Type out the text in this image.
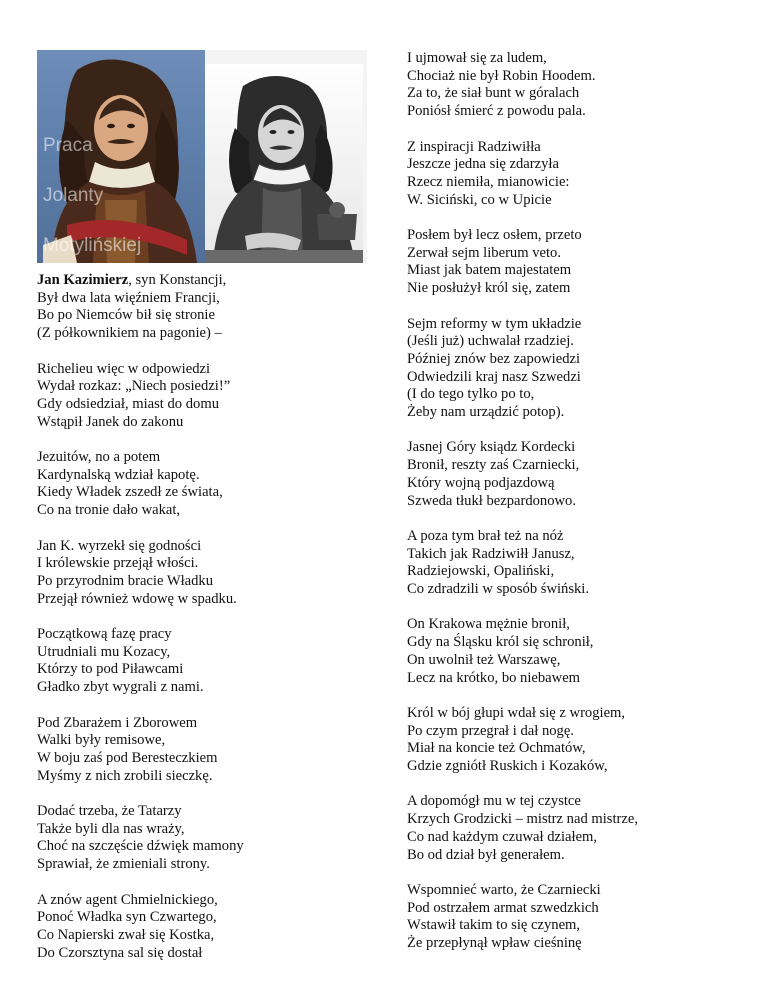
Praca

Jolanty

Motylińskiej

Jan Kazimierz, syn Konstancji,
Był dwa lata więźniem Francji,
Bo po Niemców bił się stronie
(Z półkownikiem na pagonie) –
Richelieu więc w odpowiedzi
Wydał rozkaz: „Niech posiedzi!”
Gdy odsiedział, miast do domu
Wstąpił Janek do zakonu
Jezuitów, no a potem
Kardynalską wdział kapotę.
Kiedy Władek zszedł ze świata,
Co na tronie dało wakat,
Jan K. wyrzekł się godności
I królewskie przejął włości.
Po przyrodnim bracie Władku
Przejął również wdowę w spadku.
Początkową fazę pracy
Utrudniali mu Kozacy,
Którzy to pod Piławcami
Gładko zbyt wygrali z nami.
Pod Zbarażem i Zborowem
Walki były remisowe,
W boju zaś pod Beresteczkiem
Myśmy z nich zrobili sieczkę.
Dodać trzeba, że Tatarzy
Także byli dla nas wraży,
Choć na szczęście dźwięk mamony
Sprawiał, że zmieniali strony.
A znów agent Chmielnickiego,
Ponoć Władka syn Czwartego,
Co Napierski zwał się Kostka,
Do Czorsztyna sal się dostał
I ujmował się za ludem,
Chociaż nie był Robin Hoodem.
Za to, że siał bunt w góralach
Poniósł śmierć z powodu pala.
Z inspiracji Radziwiłła
Jeszcze jedna się zdarzyła
Rzecz niemiła, mianowicie:
W. Siciński, co w Upicie
Posłem był lecz osłem, przeto
Zerwał sejm liberum veto.
Miast jak batem majestatem
Nie posłużył król się, zatem
Sejm reformy w tym układzie
(Jeśli już) uchwalał rzadziej.
Później znów bez zapowiedzi
Odwiedzili kraj nasz Szwedzi
(I do tego tylko po to,
Żeby nam urządzić potop).
Jasnej Góry ksiądz Kordecki
Bronił, reszty zaś Czarniecki,
Który wojną podjazdową
Szweda tłukł bezpardonowo.
A poza tym brał też na nóż
Takich jak Radziwiłł Janusz,
Radziejowski, Opaliński,
Co zdradzili w sposób świński.
On Krakowa mężnie bronił,
Gdy na Śląsku król się schronił,
On uwolnił też Warszawę,
Lecz na krótko, bo niebawem
Król w bój głupi wdał się z wrogiem,
Po czym przegrał i dał nogę.
Miał na koncie też Ochmatów,
Gdzie zgniótł Ruskich i Kozaków,
A dopomógł mu w tej czystce
Krzych Grodzicki – mistrz nad mistrze,
Co nad każdym czuwał działem,
Bo od dział był generałem.
Wspomnieć warto, że Czarniecki
Pod ostrzałem armat szwedzkich
Wstawił takim to się czynem,
Że przepłynął wpław cieśninę
